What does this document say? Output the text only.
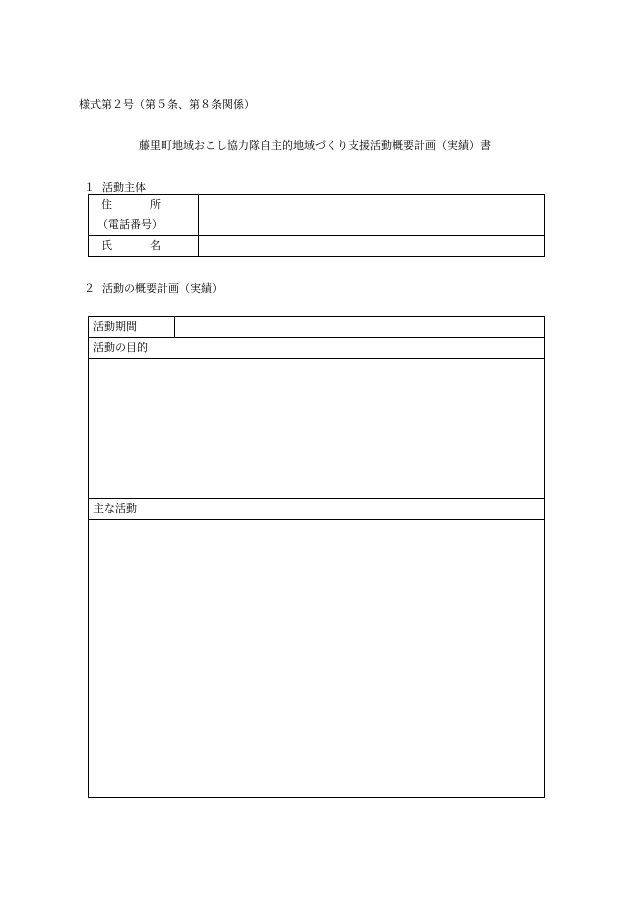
様式第２号（第５条、第８条関係）
藤里町地域おこし協力隊自主的地域づくり支援活動概要計画（実績）書
１ 活動主体
住　　所
（電話番号）	

氏　　名	

２ 活動の概要計画（実績）
活動期間	
活動の目的

主な活動
